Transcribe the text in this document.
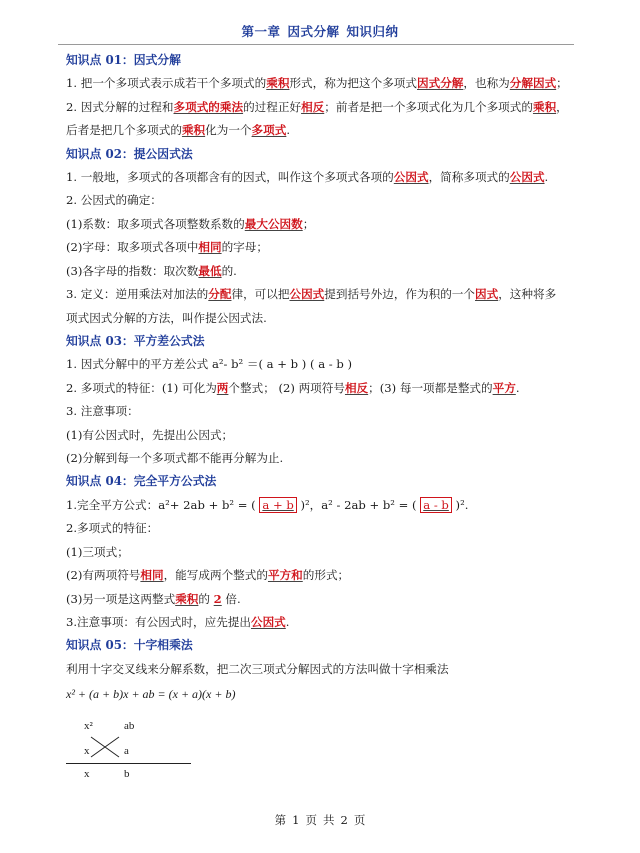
第一章 因式分解 知识归纳
知识点 01：因式分解
1. 把一个多项式表示成若干个多项式的乘积形式，称为把这个多项式因式分解，也称为分解因式；
2. 因式分解的过程和多项式的乘法的过程正好相反；前者是把一个多项式化为几个多项式的乘积，
后者是把几个多项式的乘积化为一个多项式.
知识点 02：提公因式法
1. 一般地，多项式的各项都含有的因式，叫作这个多项式各项的公因式，简称多项式的公因式.
2. 公因式的确定：
(1)系数：取多项式各项整数系数的最大公因数；
(2)字母：取多项式各项中相同的字母；
(3)各字母的指数：取次数最低的.
3. 定义：逆用乘法对加法的分配律，可以把公因式提到括号外边，作为积的一个因式，这种将多
项式因式分解的方法，叫作提公因式法.
知识点 03：平方差公式法
1. 因式分解中的平方差公式 a²- b² ＝( a + b ) ( a - b )
2. 多项式的特征：(1) 可化为两个整式； (2) 两项符号相反；(3) 每一项都是整式的平方.
3. 注意事项：
(1)有公因式时，先提出公因式；
(2)分解到每一个多项式都不能再分解为止.
知识点 04：完全平方公式法
1.完全平方公式：a²+ 2ab + b² = ( a + b )²，a² - 2ab + b² = ( a - b )².
2.多项式的特征：
(1)三项式；
(2)有两项符号相同，能写成两个整式的平方和的形式；
(3)另一项是这两整式乘积的 2 倍.
3.注意事项：有公因式时，应先提出公因式.
知识点 05：十字相乘法
利用十字交叉线来分解系数，把二次三项式分解因式的方法叫做十字相乘法
x² + (a + b)x + ab = (x + a)(x + b)
x²	ab
x	a
x	b
第 1 页 共 2 页
